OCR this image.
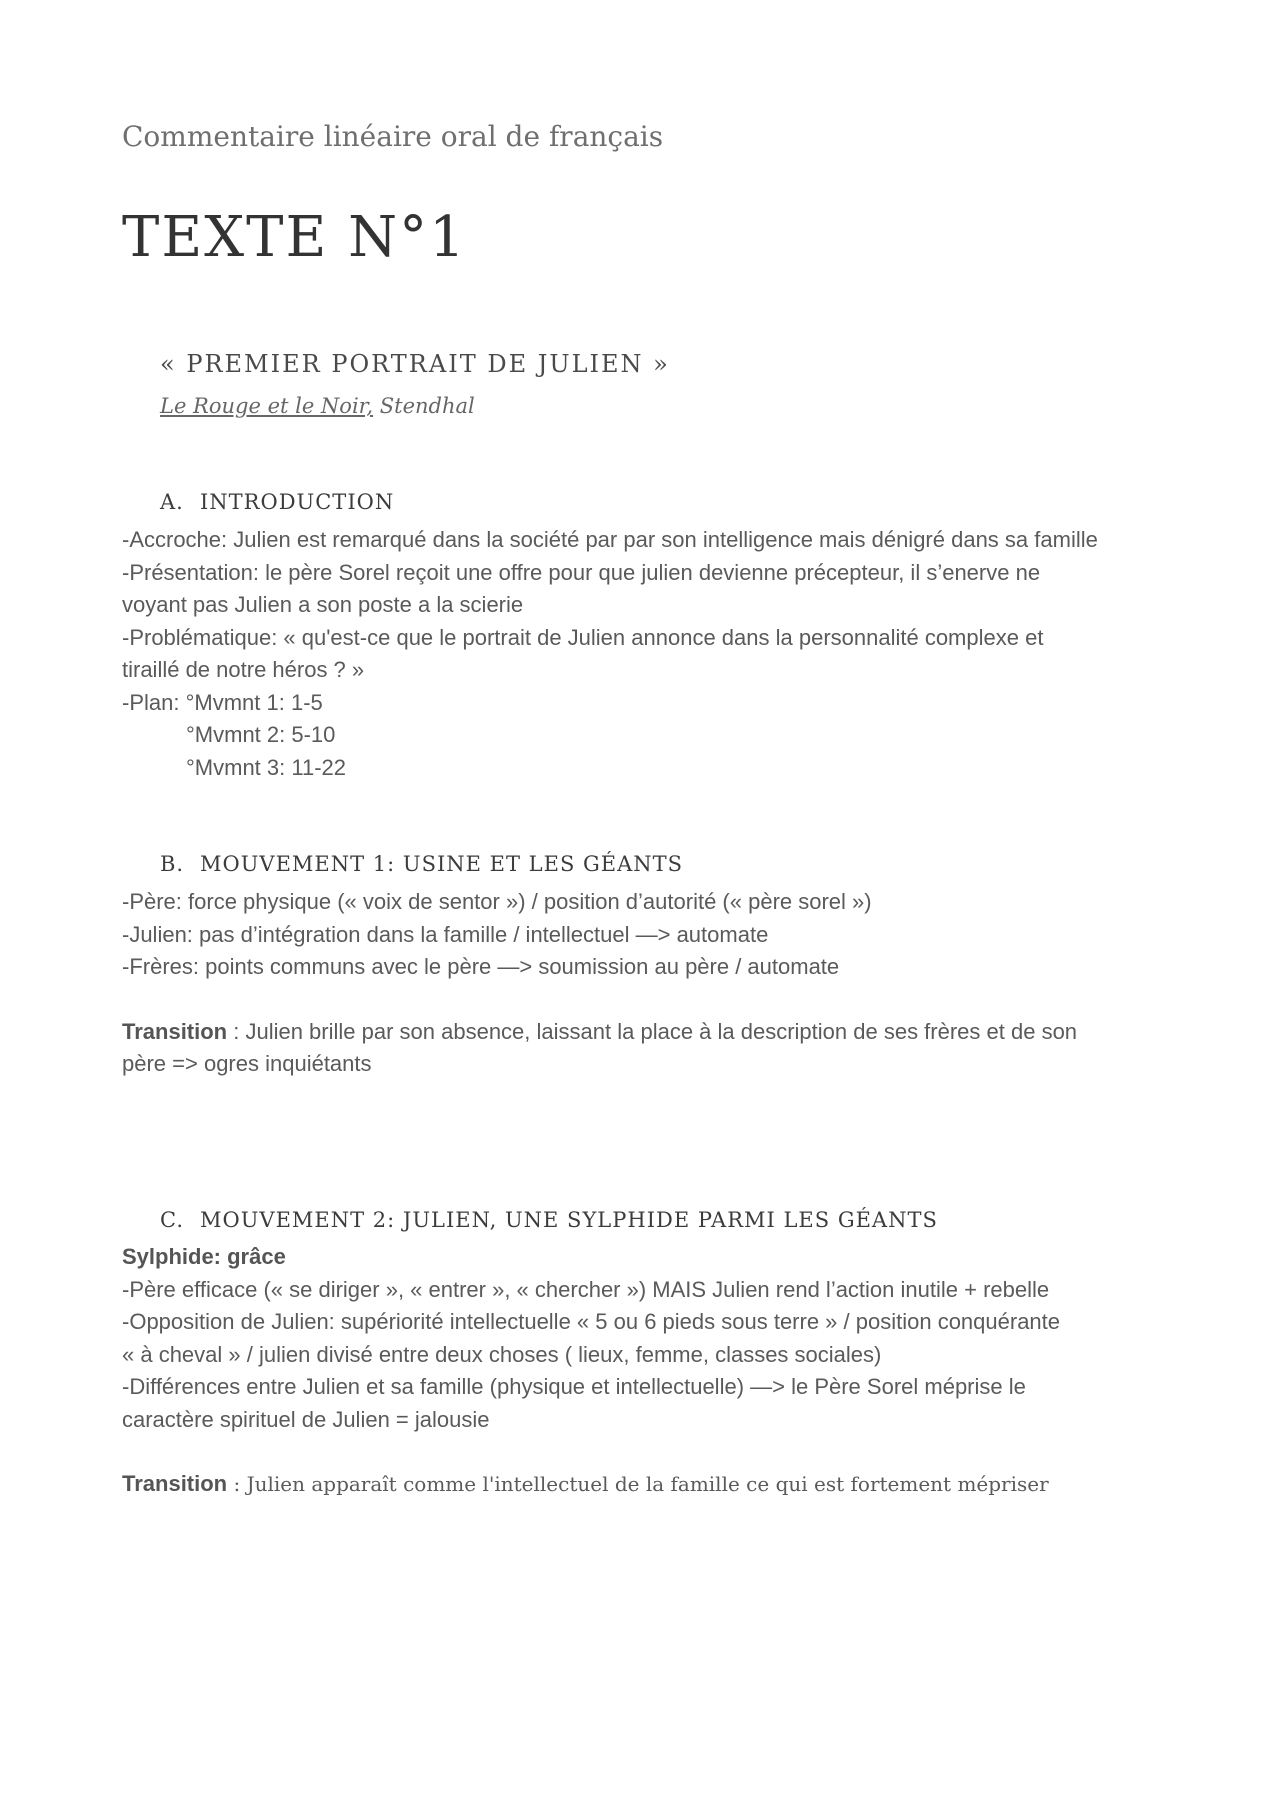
Commentaire linéaire oral de français
TEXTE N°1
« PREMIER PORTRAIT DE JULIEN »
Le Rouge et le Noir, Stendhal
A. INTRODUCTION
-Accroche: Julien est remarqué dans la société par par son intelligence mais dénigré dans sa famille
-Présentation: le père Sorel reçoit une offre pour que julien devienne précepteur, il s’enerve ne
voyant pas Julien a son poste a la scierie
-Problématique: « qu'est-ce que le portrait de Julien annonce dans la personnalité complexe et
tiraillé de notre héros ? »
-Plan: °Mvmnt 1: 1-5
°Mvmnt 2: 5-10
°Mvmnt 3: 11-22
B. MOUVEMENT 1: USINE ET LES GÉANTS
-Père: force physique (« voix de sentor ») / position d’autorité (« père sorel »)
-Julien: pas d’intégration dans la famille / intellectuel —> automate
-Frères: points communs avec le père —> soumission au père / automate
Transition : Julien brille par son absence, laissant la place à la description de ses frères et de son
père => ogres inquiétants
C. MOUVEMENT 2: JULIEN, UNE SYLPHIDE PARMI LES GÉANTS
Sylphide: grâce
-Père efficace (« se diriger », « entrer », « chercher ») MAIS Julien rend l’action inutile + rebelle
-Opposition de Julien: supériorité intellectuelle « 5 ou 6 pieds sous terre » / position conquérante
« à cheval » / julien divisé entre deux choses ( lieux, femme, classes sociales)
-Différences entre Julien et sa famille (physique et intellectuelle) —> le Père Sorel méprise le
caractère spirituel de Julien = jalousie
Transition : Julien apparaît comme l'intellectuel de la famille ce qui est fortement mépriser
